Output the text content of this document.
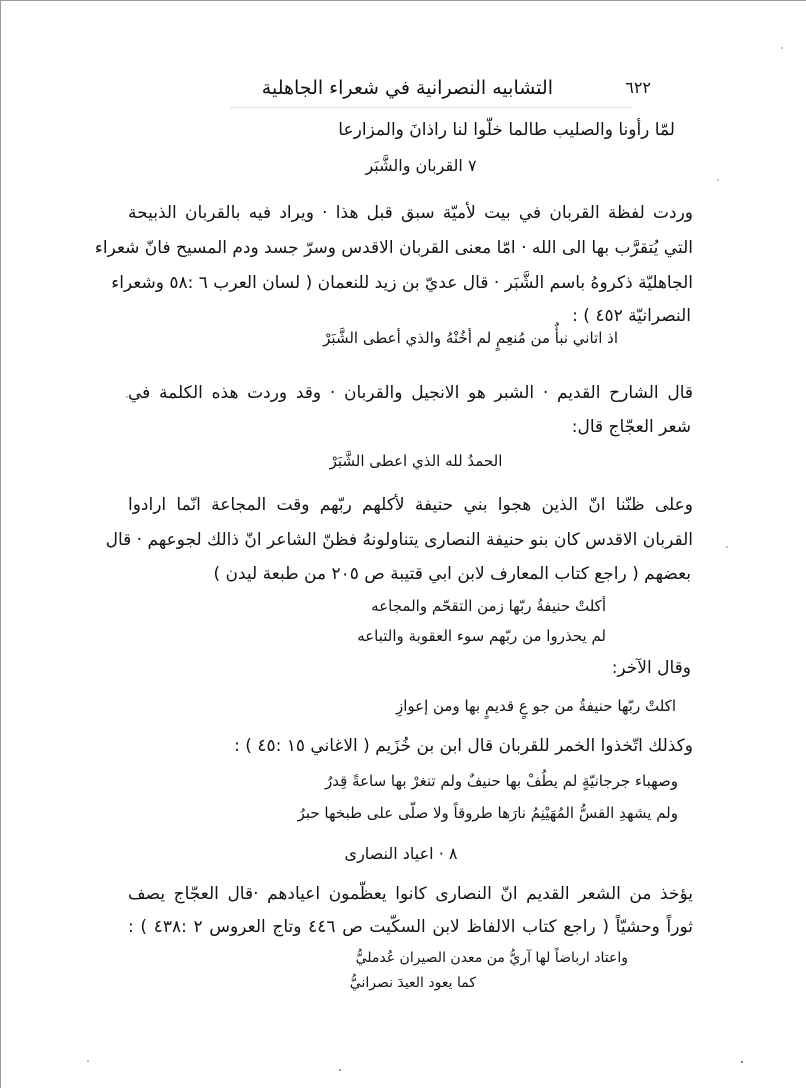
التشابيه النصرانية في شعراء الجاهلية	٦٢٢
لمّا رأونا والصليب طالما خلّوا لنا راذانَ والمزارعا
٧ القربان والشَّبَر
وردت لفظة القربان في بيت لأميّة سبق قبل هذا · ويراد فيه بالقربان الذبيحة
التي يُتقرَّب بها الى الله · امّا معنى القربان الاقدس وسرّ جسد ودم المسيح فانّ شعراء
الجاهليّة ذكروهُ باسم الشَّبَر · قال عديّ بن زيد للنعمان ( لسان العرب ٦ :٥٨ وشعراء
النصرانيّة ٤٥٢ ) :
اذ اتاني نبأٌ من مُنعِمٍ لم أخُنْهُ والذي أعطى الشَّبَرْ
قال الشارح القديم · الشبر هو الانجيل والقربان · وقد وردت هذه الكلمة في
شعر العجّاج قال:
الحمدُ لله الذي اعطى الشَّبَرْ
وعلى ظنّنا انّ الذين هجوا بني حنيفة لأكلهم ربّهم وقت المجاعة انّما ارادوا
القربان الاقدس كان بنو حنيفة النصارى يتناولونهُ فظنّ الشاعر انّ ذالك لجوعهم · قال
بعضهم ( راجع كتاب المعارف لابن ابي قتيبة ص ٢٠٥ من طبعة ليدن )
أكلتْ حنيفةُ ربّها زمن التقحّم والمجاعه
لم يحذروا من ربّهم سوء العقوبة والتباعه
وقال الآخر:
اكلتْ ربّها حنيفةُ من جو عٍ قديمٍ بها ومن إعوازِ
وكذلك اتّخذوا الخمر للقربان قال ابن بن خُزَيم ( الاغاني ١٥ :٤٥ ) :
وصهباء جرجانيّةٍ لم يطُفْ بها حنيفٌ ولم تنغرْ بها ساعةً قِدرُ
ولم يشهدِ القسُّ المُهَيْنِمُ نارَها طروقاً ولا صلّى على طبخها حبرُ
٨ · اعياد النصارى
يؤخذ من الشعر القديم انّ النصارى كانوا يعظّمون اعيادهم ·قال العجّاج يصف
ثوراً وحشيّاً ( راجع كتاب الالفاظ لابن السكّيت ص ٤٤٦ وتاج العروس ٢ :٤٣٨ ) :
واعتاد ارباضاً لها آريُّ من معدن الصيران عُدمليُّ
كما يعود العيدَ نصرانيُّ
